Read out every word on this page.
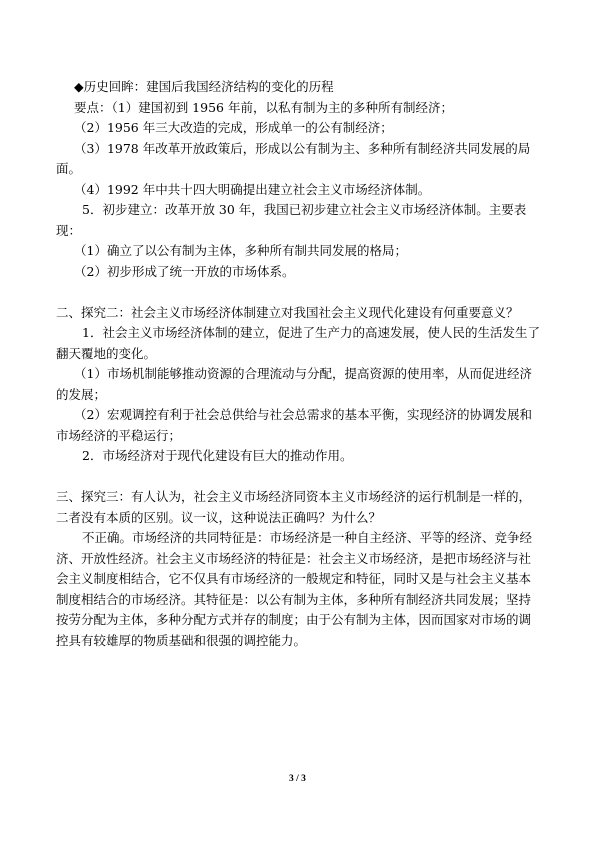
◆历史回眸：建国后我国经济结构的变化的历程

要点：（1）建国初到 1956 年前，以私有制为主的多种所有制经济；

（2）1956 年三大改造的完成，形成单一的公有制经济；

（3）1978 年改革开放政策后，形成以公有制为主、多种所有制经济共同发展的局面。

（4）1992 年中共十四大明确提出建立社会主义市场经济体制。

5．初步建立：改革开放 30 年，我国已初步建立社会主义市场经济体制。主要表现：

（1）确立了以公有制为主体，多种所有制共同发展的格局；

（2）初步形成了统一开放的市场体系。

二、探究二：社会主义市场经济体制建立对我国社会主义现代化建设有何重要意义？

1．社会主义市场经济体制的建立，促进了生产力的高速发展，使人民的生活发生了翻天覆地的变化。

（1）市场机制能够推动资源的合理流动与分配，提高资源的使用率，从而促进经济的发展；

（2）宏观调控有利于社会总供给与社会总需求的基本平衡，实现经济的协调发展和市场经济的平稳运行；

2．市场经济对于现代化建设有巨大的推动作用。

三、探究三：有人认为，社会主义市场经济同资本主义市场经济的运行机制是一样的，二者没有本质的区别。议一议，这种说法正确吗？为什么？

不正确。市场经济的共同特征是：市场经济是一种自主经济、平等的经济、竞争经济、开放性经济。社会主义市场经济的特征是：社会主义市场经济，是把市场经济与社会主义制度相结合，它不仅具有市场经济的一般规定和特征，同时又是与社会主义基本制度相结合的市场经济。其特征是：以公有制为主体，多种所有制经济共同发展；坚持按劳分配为主体，多种分配方式并存的制度；由于公有制为主体，因而国家对市场的调控具有较雄厚的物质基础和很强的调控能力。

3 / 3
